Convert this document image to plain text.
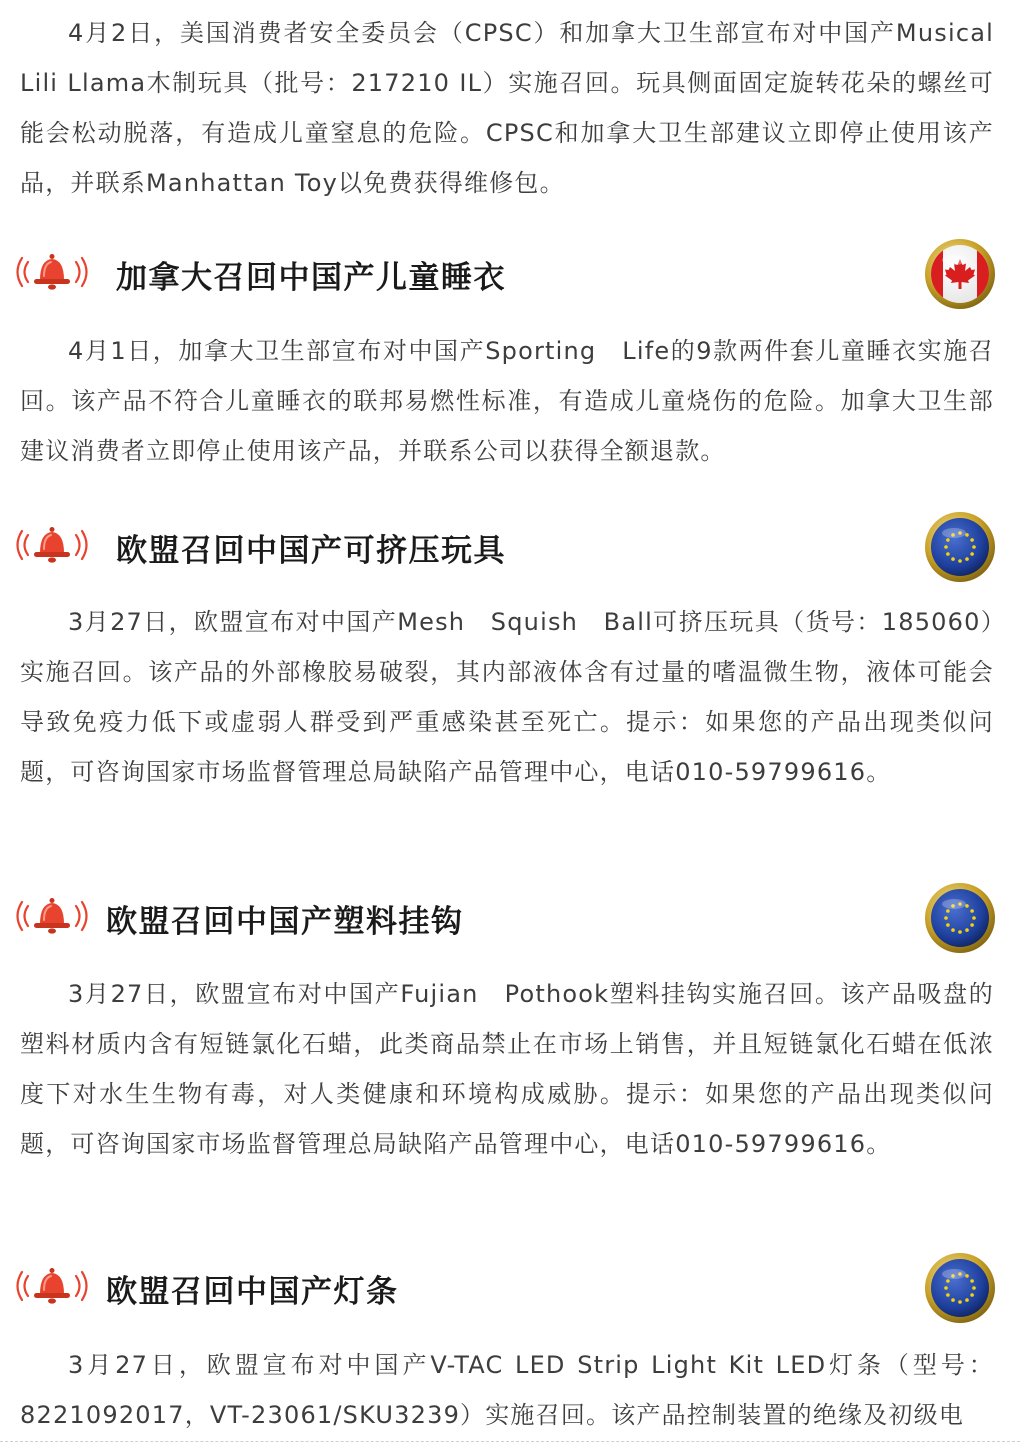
4月2日，美国消费者安全委员会（CPSC）和加拿大卫生部宣布对中国产Musical Lili Llama木制玩具（批号：217210 IL）实施召回。玩具侧面固定旋转花朵的螺丝可能会松动脱落，有造成儿童窒息的危险。CPSC和加拿大卫生部建议立即停止使用该产品，并联系Manhattan Toy以免费获得维修包。

加拿大召回中国产儿童睡衣

4月1日，加拿大卫生部宣布对中国产Sporting　Life的9款两件套儿童睡衣实施召回。该产品不符合儿童睡衣的联邦易燃性标准，有造成儿童烧伤的危险。加拿大卫生部建议消费者立即停止使用该产品，并联系公司以获得全额退款。

欧盟召回中国产可挤压玩具

3月27日，欧盟宣布对中国产Mesh　Squish　Ball可挤压玩具（货号：185060）实施召回。该产品的外部橡胶易破裂，其内部液体含有过量的嗜温微生物，液体可能会导致免疫力低下或虚弱人群受到严重感染甚至死亡。提示：如果您的产品出现类似问题，可咨询国家市场监督管理总局缺陷产品管理中心，电话010-59799616。

欧盟召回中国产塑料挂钩

3月27日，欧盟宣布对中国产Fujian　Pothook塑料挂钩实施召回。该产品吸盘的塑料材质内含有短链氯化石蜡，此类商品禁止在市场上销售，并且短链氯化石蜡在低浓度下对水生生物有毒，对人类健康和环境构成威胁。提示：如果您的产品出现类似问题，可咨询国家市场监督管理总局缺陷产品管理中心，电话010-59799616。

欧盟召回中国产灯条

3月27日，欧盟宣布对中国产V-TAC LED Strip Light Kit LED灯条（型号：8221092017，VT-23061/SKU3239）实施召回。该产品控制装置的绝缘及初级电
